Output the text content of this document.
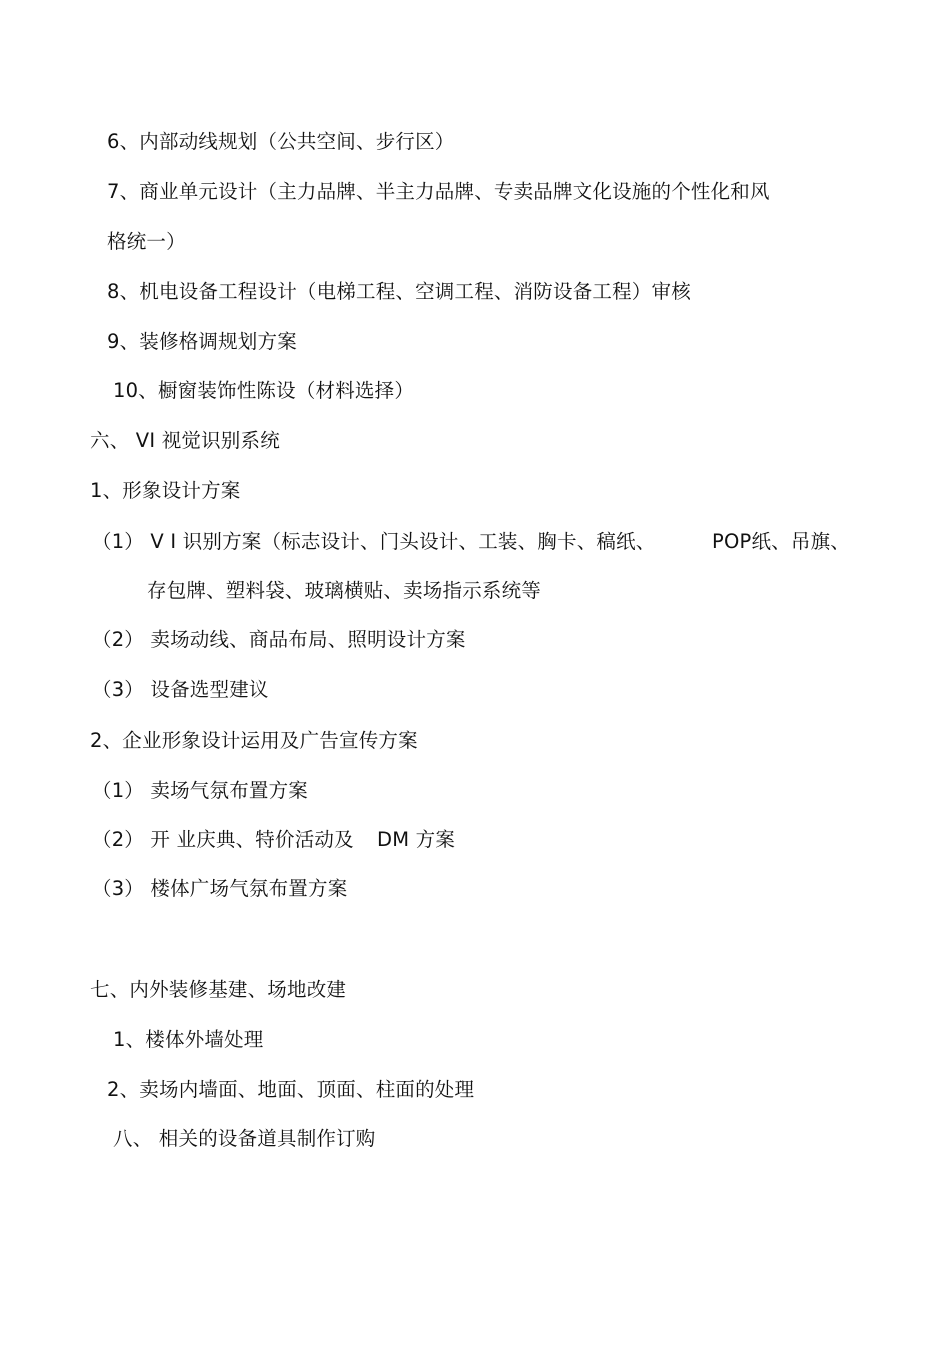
6、内部动线规划（公共空间、步行区）
7、商业单元设计（主力品牌、半主力品牌、专卖品牌文化设施的个性化和风
格统一）
8、机电设备工程设计（电梯工程、空调工程、消防设备工程）审核
9、装修格调规划方案
10、橱窗装饰性陈设（材料选择）
六、 VI 视觉识别系统
1、形象设计方案
（1） V I 识别方案（标志设计、门头设计、工装、胸卡、稿纸、	POP纸、吊旗、
存包牌、塑料袋、玻璃横贴、卖场指示系统等
（2） 卖场动线、商品布局、照明设计方案
（3） 设备选型建议
2、企业形象设计运用及广告宣传方案
（1） 卖场气氛布置方案
（2） 开 业庆典、特价活动及 DM 方案
（3） 楼体广场气氛布置方案
七、内外装修基建、场地改建
1、楼体外墙处理
2、卖场内墙面、地面、顶面、柱面的处理
八、 相关的设备道具制作订购
